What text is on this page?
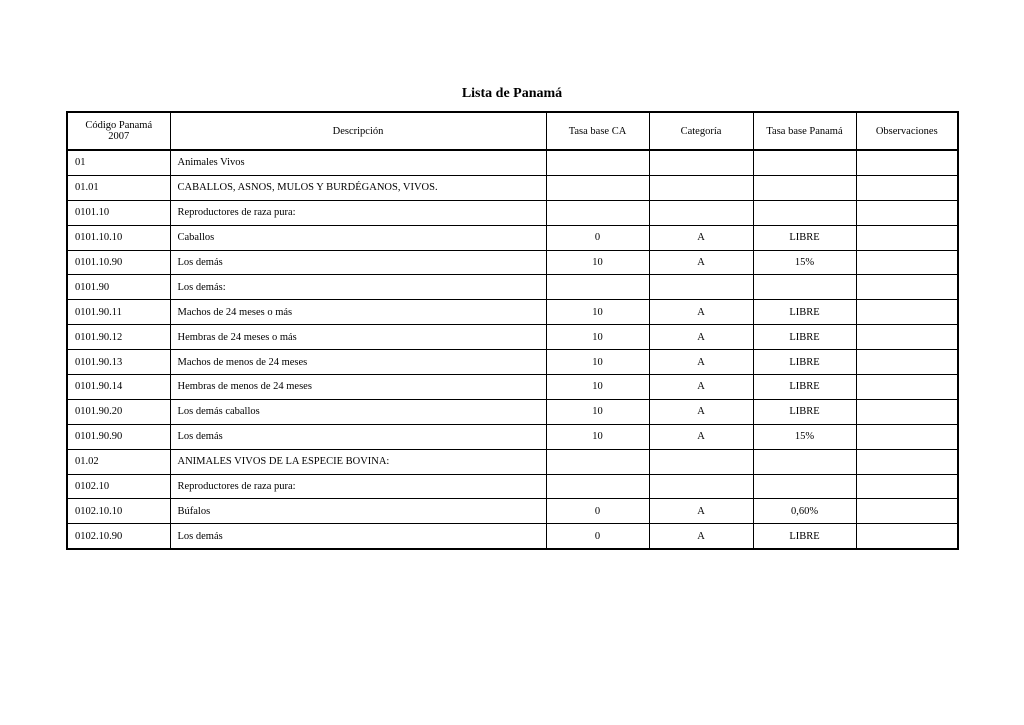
Lista de Panamá
Código Panamá
2007	Descripción	Tasa base CA	Categoría	Tasa base Panamá	Observaciones
01	Animales Vivos				
01.01	CABALLOS, ASNOS, MULOS Y BURDÉGANOS, VIVOS.				
0101.10	Reproductores de raza pura:				
0101.10.10	Caballos	0	A	LIBRE	
0101.10.90	Los demás	10	A	15%	
0101.90	Los demás:				
0101.90.11	Machos de 24 meses o más	10	A	LIBRE	
0101.90.12	Hembras de 24 meses o más	10	A	LIBRE	
0101.90.13	Machos de menos de 24 meses	10	A	LIBRE	
0101.90.14	Hembras de menos de 24 meses	10	A	LIBRE	
0101.90.20	Los demás caballos	10	A	LIBRE	
0101.90.90	Los demás	10	A	15%	
01.02	ANIMALES VIVOS DE LA ESPECIE BOVINA:				
0102.10	Reproductores de raza pura:				
0102.10.10	Búfalos	0	A	0,60%	
0102.10.90	Los demás	0	A	LIBRE	
